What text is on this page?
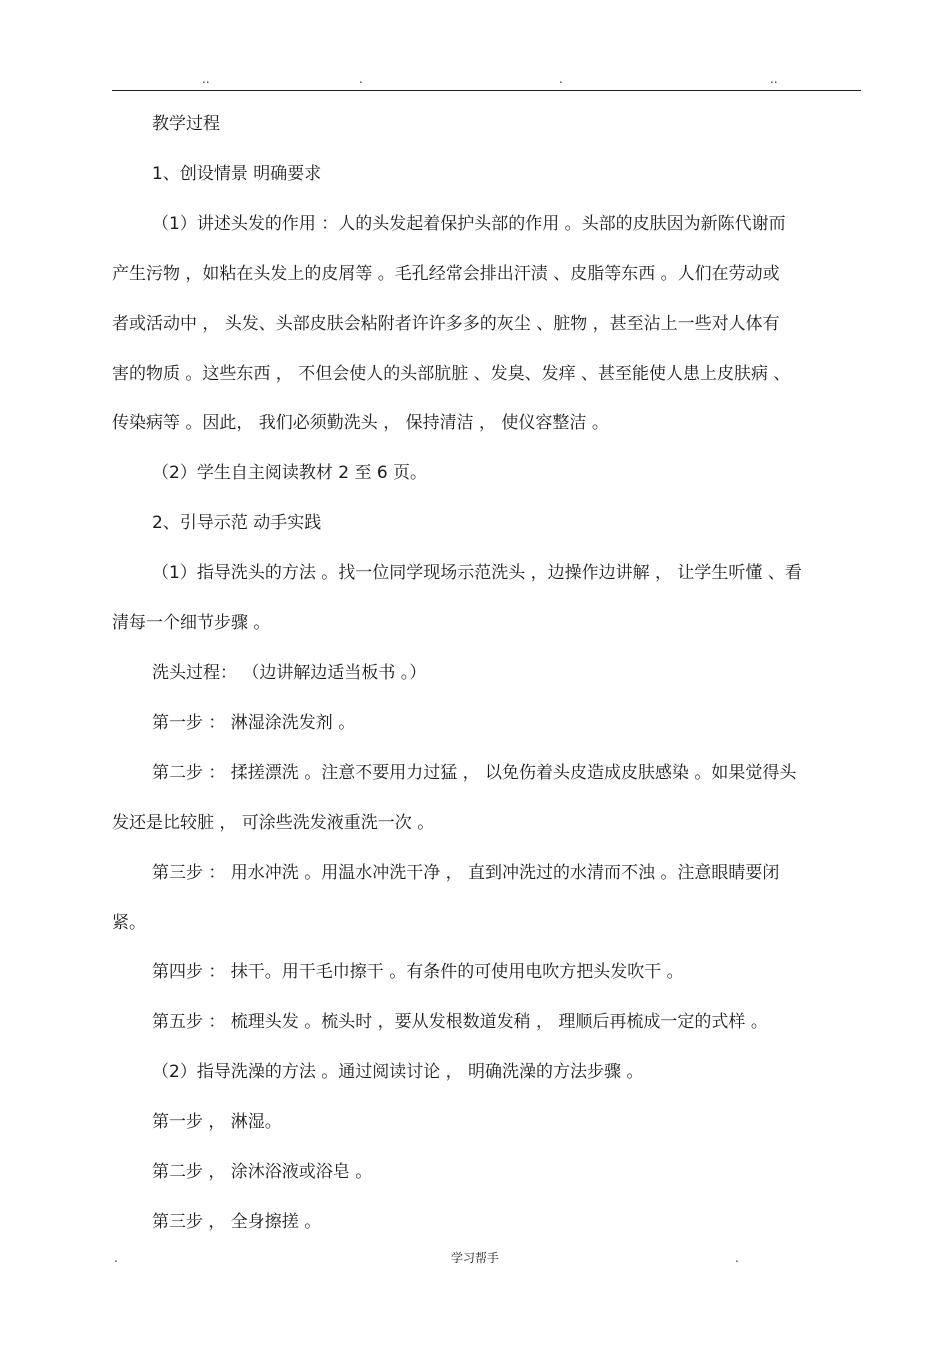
..	.	.	..
教学过程
1、创设情景 明确要求
（1）讲述头发的作用 ：人的头发起着保护头部的作用 。头部的皮肤因为新陈代谢而
产生污物 ，如粘在头发上的皮屑等 。毛孔经常会排出汗渍 、皮脂等东西 。人们在劳动或
者或活动中 ， 头发、头部皮肤会粘附者许许多多的灰尘 、脏物 ，甚至沾上一些对人体有
害的物质 。这些东西 ， 不但会使人的头部肮脏 、发臭、发痒 、甚至能使人患上皮肤病 、
传染病等 。因此， 我们必须勤洗头 ， 保持清洁 ， 使仪容整洁 。
（2）学生自主阅读教材 2 至 6 页。
2、引导示范 动手实践
（1）指导洗头的方法 。找一位同学现场示范洗头 ，边操作边讲解 ， 让学生听懂 、看
清每一个细节步骤 。
洗头过程： （边讲解边适当板书 。）
第一步 ： 淋湿涂洗发剂 。
第二步 ： 揉搓漂洗 。注意不要用力过猛 ， 以免伤着头皮造成皮肤感染 。如果觉得头
发还是比较脏 ， 可涂些洗发液重洗一次 。
第三步 ： 用水冲洗 。用温水冲洗干净 ， 直到冲洗过的水清而不浊 。注意眼睛要闭
紧。
第四步 ： 抹干。用干毛巾擦干 。有条件的可使用电吹方把头发吹干 。
第五步 ： 梳理头发 。梳头时 ，要从发根数道发稍 ， 理顺后再梳成一定的式样 。
（2）指导洗澡的方法 。通过阅读讨论 ， 明确洗澡的方法步骤 。
第一步 ， 淋湿。
第二步 ， 涂沐浴液或浴皂 。
第三步 ， 全身擦搓 。
.	学习帮手	.
